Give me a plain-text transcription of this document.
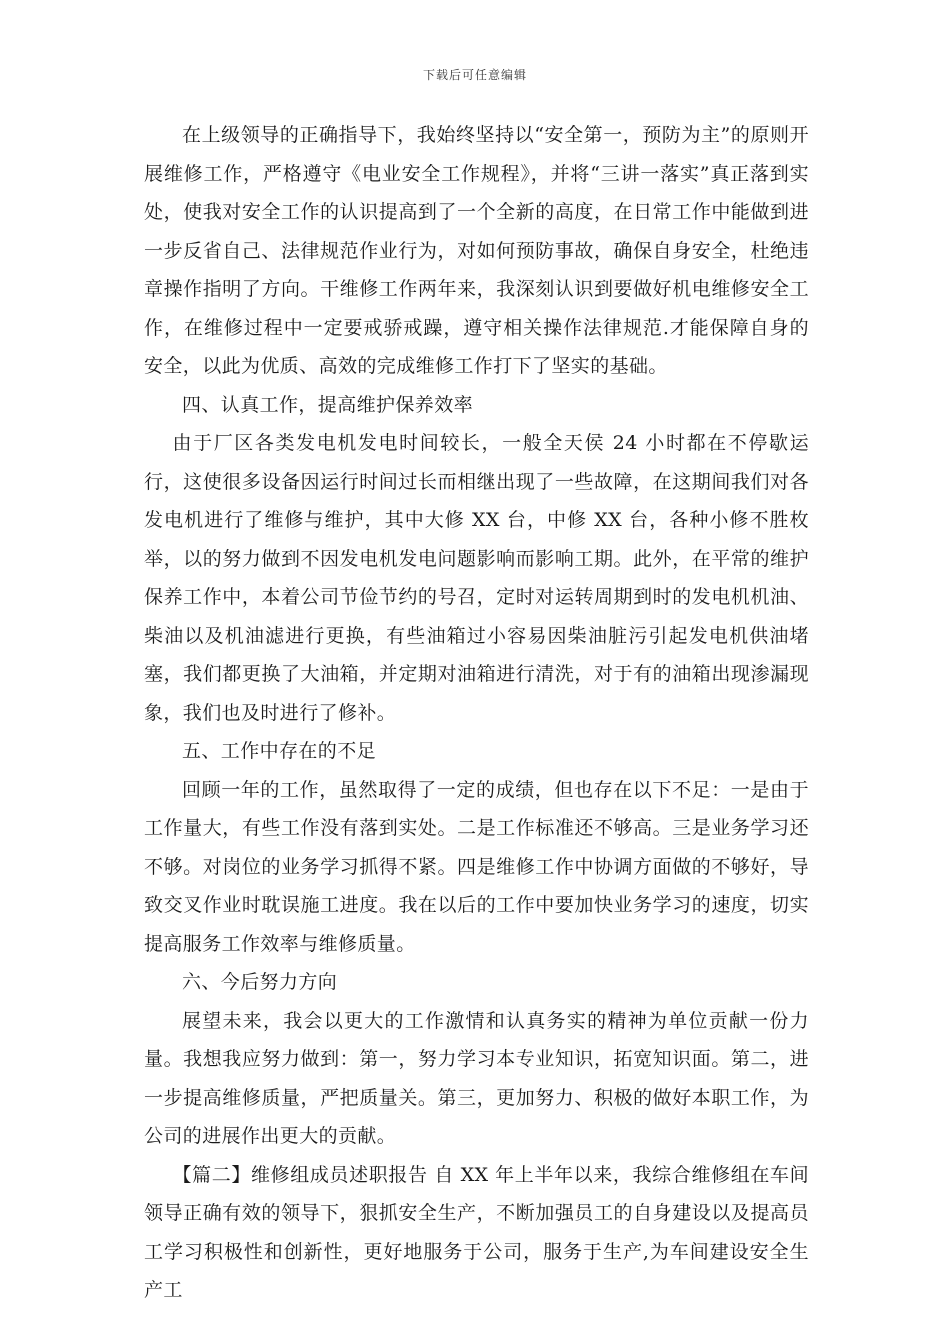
下载后可任意编辑

在上级领导的正确指导下，我始终坚持以“安全第一，预防为主”的原则开展维修工作，严格遵守《电业安全工作规程》，并将“三讲一落实”真正落到实处，使我对安全工作的认识提高到了一个全新的高度，在日常工作中能做到进一步反省自己、法律规范作业行为，对如何预防事故，确保自身安全，杜绝违章操作指明了方向。干维修工作两年来，我深刻认识到要做好机电维修安全工作，在维修过程中一定要戒骄戒躁，遵守相关操作法律规范.才能保障自身的安全，以此为优质、高效的完成维修工作打下了坚实的基础。

四、认真工作，提高维护保养效率

由于厂区各类发电机发电时间较长，一般全天侯 24 小时都在不停歇运行，这使很多设备因运行时间过长而相继出现了一些故障，在这期间我们对各发电机进行了维修与维护，其中大修 XX 台，中修 XX 台，各种小修不胜枚举，以的努力做到不因发电机发电问题影响而影响工期。此外，在平常的维护保养工作中，本着公司节俭节约的号召，定时对运转周期到时的发电机机油、柴油以及机油滤进行更换，有些油箱过小容易因柴油脏污引起发电机供油堵塞，我们都更换了大油箱，并定期对油箱进行清洗，对于有的油箱出现渗漏现象，我们也及时进行了修补。

五、工作中存在的不足

回顾一年的工作，虽然取得了一定的成绩，但也存在以下不足：一是由于工作量大，有些工作没有落到实处。二是工作标准还不够高。三是业务学习还不够。对岗位的业务学习抓得不紧。四是维修工作中协调方面做的不够好，导致交叉作业时耽误施工进度。我在以后的工作中要加快业务学习的速度，切实提高服务工作效率与维修质量。

六、今后努力方向

展望未来，我会以更大的工作激情和认真务实的精神为单位贡献一份力量。我想我应努力做到：第一，努力学习本专业知识，拓宽知识面。第二，进一步提高维修质量，严把质量关。第三，更加努力、积极的做好本职工作，为公司的进展作出更大的贡献。

【篇二】维修组成员述职报告 自 XX 年上半年以来，我综合维修组在车间领导正确有效的领导下，狠抓安全生产，不断加强员工的自身建设以及提高员工学习积极性和创新性，更好地服务于公司，服务于生产,为车间建设安全生产工
